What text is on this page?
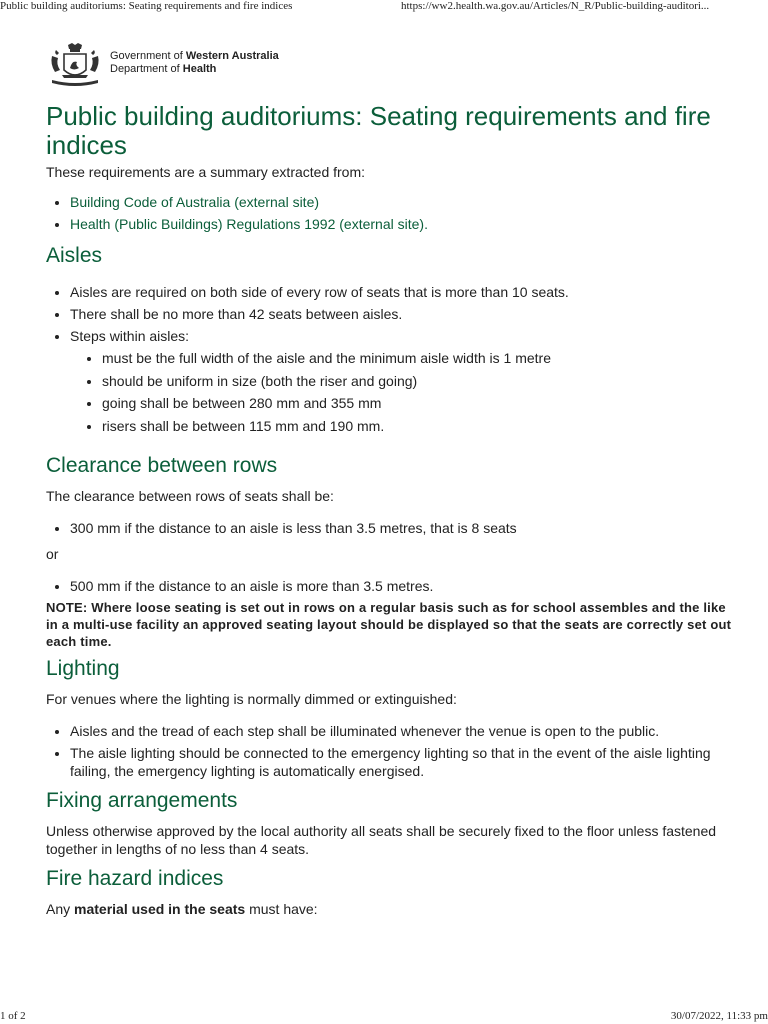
Public building auditoriums: Seating requirements and fire indices	https://ww2.health.wa.gov.au/Articles/N_R/Public-building-auditori...
Government of Western Australia
Department of Health
Public building auditoriums: Seating requirements and fire indices

These requirements are a summary extracted from:

• Building Code of Australia (external site)
• Health (Public Buildings) Regulations 1992 (external site).
Aisles
• Aisles are required on both side of every row of seats that is more than 10 seats.
• There shall be no more than 42 seats between aisles.
• Steps within aisles:
• must be the full width of the aisle and the minimum aisle width is 1 metre
• should be uniform in size (both the riser and going)
• going shall be between 280 mm and 355 mm
• risers shall be between 115 mm and 190 mm.
Clearance between rows

The clearance between rows of seats shall be:

• 300 mm if the distance to an aisle is less than 3.5 metres, that is 8 seats

or

• 500 mm if the distance to an aisle is more than 3.5 metres.

NOTE: Where loose seating is set out in rows on a regular basis such as for school assembles and the like in a multi-use facility an approved seating layout should be displayed so that the seats are correctly set out each time.

Lighting

For venues where the lighting is normally dimmed or extinguished:

• Aisles and the tread of each step shall be illuminated whenever the venue is open to the public.
• The aisle lighting should be connected to the emergency lighting so that in the event of the aisle lighting failing, the emergency lighting is automatically energised.
Fixing arrangements

Unless otherwise approved by the local authority all seats shall be securely fixed to the floor unless fastened together in lengths of no less than 4 seats.

Fire hazard indices

Any material used in the seats must have:

1 of 2	30/07/2022, 11:33 pm
